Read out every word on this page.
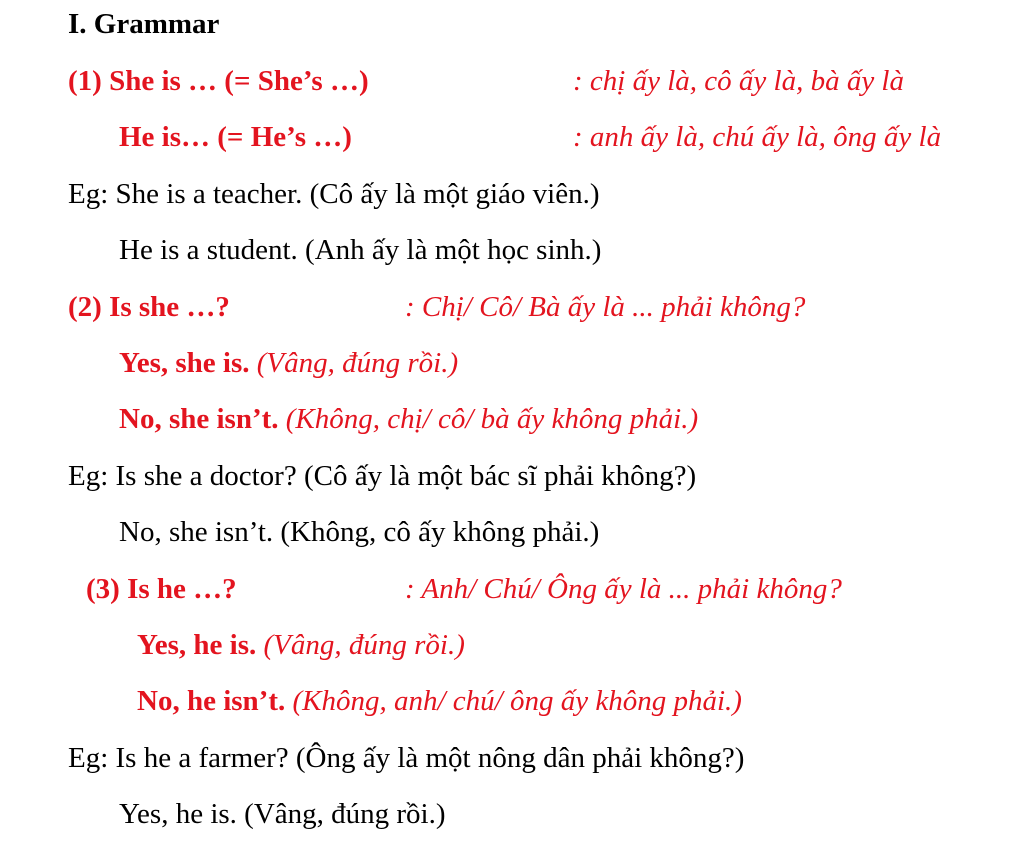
I. Grammar
(1) She is … (= She’s …)	: chị ấy là, cô ấy là, bà ấy là
He is… (= He’s …)	: anh ấy là, chú ấy là, ông ấy là
Eg: She is a teacher. (Cô ấy là một giáo viên.)
He is a student. (Anh ấy là một học sinh.)
(2) Is she …?	: Chị/ Cô/ Bà ấy là ... phải không?
Yes, she is. (Vâng, đúng rồi.)
No, she isn’t. (Không, chị/ cô/ bà ấy không phải.)
Eg: Is she a doctor? (Cô ấy là một bác sĩ phải không?)
No, she isn’t. (Không, cô ấy không phải.)
(3) Is he …?	: Anh/ Chú/ Ông ấy là ... phải không?
Yes, he is. (Vâng, đúng rồi.)
No, he isn’t. (Không, anh/ chú/ ông ấy không phải.)
Eg: Is he a farmer? (Ông ấy là một nông dân phải không?)
Yes, he is. (Vâng, đúng rồi.)
